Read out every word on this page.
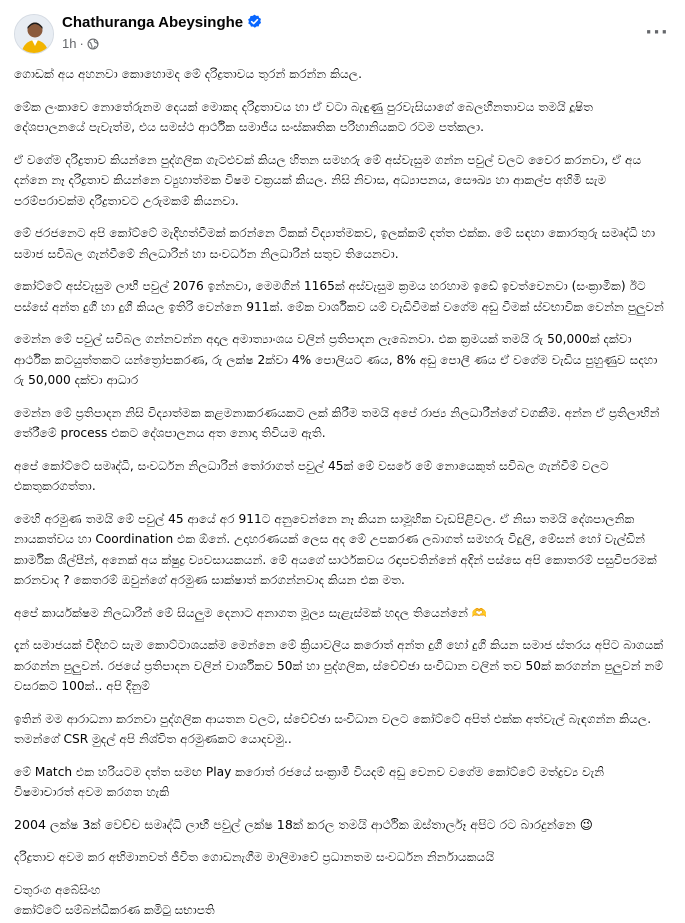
Chathuranga Abeysinghe
1h ·
···

ගොඩක් අය අහනවා කොහොමද මේ දරිද්‍රතාවය තුරන් කරන්න කියල.

මේක ලංකාවෙ නොතේරුනම දෙයක් මොකද දරිද්‍රතාවය හා ඒ වටා බැඳුණු පුරවැසියාගේ බෙලහීනතාවය තමයි දූෂිත දේශපාලනයේ පැවැත්ම, එය සමස්ථ ආර්ථික සමාජීය සංස්කෘතික පරිහානියකට රටම පත්කලා.

ඒ වගේම දරිද්‍රතාව කියන්නෙ පුද්ගලික ගැටළුවක් කියල හිතන සමහරු මේ අස්වැසුම ගන්න පවුල් වලට වෛර කරනවා, ඒ අය දන්නෙ නෑ දරිද්‍රතාව කියන්නෙ ව්‍යුහාත්මක විෂම චක්‍රයක් කියල. නිසි නිවාස, අධ්‍යාපනය, සෞඛ්‍ය හා ආකල්ප අහිමි සැම පරම්පරාවක්ම දරිද්‍රතාවට උරුමකම් කියනවා.

මේ ජරජනෙට අපි කෝට්ටේ මැදිහත්වීමක් කරන්නෙ ටිකක් විද්‍යාත්මකව, ඉලක්කම් දත්ත එක්ක. මේ සඳහා කොරතුරු සමෘද්ධි හා සමාජ සවිබල ගැන්වීමේ නිලධාරින් හා සංවර්ධන නිලධාරින් සතුව තියෙනවා.

කෝට්ටේ අස්වැසුම ලාභී පවුල් 2076 ඉන්නවා, මෙමගින් 1165ක් අස්වැසුම ක්‍රමය හරහාම ඉඩේ ඉවත්වෙනවා (සංක්‍රාමික) ඊට පස්සේ අන්ත දුගී හා දුගී කියල ඉතිරි වෙන්නෙ 911ක්. මේක වාර්ශිකව යම් වැඩිවීමක් වගේම අඩු වීමක් ස්වභාවික වෙන්න පුලුවන්

මෙන්න මේ පවුල් සවිබල ගන්නවන්න අදාල අමාත්‍යාංශය වලින් ප්‍රතිපාදන ලැබෙනවා. එක ක්‍රමයක් තමයි රු 50,000ක් දක්වා ආර්ථික කටයුත්තකට යන්ත්‍රෝපකරණ, රු ලක්ෂ 2ක්වා 4% පොලියට ණය, 8% අඩු පොලී ණය ඒ වගේම වැඩිය පුහුණුව සදහා රු 50,000 දක්වා ආධාර

මෙන්න මේ ප්‍රතිපාදන නිසි විද්‍යාත්මක කළමනාකරණයකට ලක් කිරීම තමයි අපේ රාජ්‍ය නිලධාරීන්ගේ වගකීම. අන්න ඒ ප්‍රතිලාභින් තේරීමේ process එකට දේශපාලනය අත නොදා තිවියම ඇති.

අපේ කෝට්ටේ සමෘද්ධි, සංවර්ධන නිලධාරින් තෝරාගත් පවුල් 45ක් මේ වසරේ මේ නොයෙකුත් සවිබල ගැන්වීම් වලට එකතුකරගත්තා.

මෙහි අරමුණ තමයි මේ පවුල් 45 ආයේ අර 911ට අනුවෙන්නෙ නෑ කියන සාමූහික වැඩපිළිවල. ඒ නිසා තමයි දේශපාලනික නායකත්වය හා Coordination එක ඕනේ. උදාහරණයක් ලෙස අද මේ උපකරණ ලබාගත් සමහරු විදුලි, මේසන් හෝ වැල්ඩින් කාර්මික ශිල්පීන්, අනෙක් අය ක්ෂුද්‍ර ව්‍යවසායකයන්. මේ අයගේ සාර්ථකවය රඳාපවතින්නේ අදින් පස්සෙ අපි කොතරම් පසුවිපරමක් කරනවාද ? කෙතරම් ඔවුන්ගේ අරමුණ සාක්ෂාත් කරගන්නවාද කියන එක මත.

අපේ කාර්යක්ෂම නිලධාරින් මේ සියලුම දෙනාට අනාගත මූල්‍ය සැළැස්මක් හදල තියෙන්නේ 🫶

දැන් සමාජයක් විදිහට සැම කොට්ටාශයක්ම මෙන්නෙ මේ ක්‍රියාවලිය කරොත් අන්ත දුගී හෝ දුගී කියන සමාජ ස්තරය අපිට බාගයක් කරගන්න පුලුවන්. රජයේ ප්‍රතිපාදන වලින් වාර්ශිකව 50ක් හා පුද්ගලික, ස්වේච්ඡා සංවිධාන වලින් තව 50ක් කරගන්න පුලුවන් නම් වසරකට 100ක්.. අපි දිනුම්

ඉතින් මම ආරාධනා කරනවා පුද්ගලික ආයතන වලට, ස්වේච්ඡා සංවිධාන වලට කෝට්ටේ අපිත් එක්ක අත්වැල් බැඳගන්න කියල. තමන්ගේ CSR මුදල් අපි නිශ්චිත අරමුණකට යොදවමු..

මේ Match එක හරියටම දත්ත සමඟ Play කරොත් රජයේ සංක්‍රාමී වියදම් අඩු වෙනව වගේම කෝට්ටේ මත්ද්‍රව්‍ය වැනි විෂමාචාරත් අවම කරගත හැකි

2004 ලක්ෂ 3ක් වෙච්ච සමෘද්ධි ලාභී පවුල් ලක්ෂ 18ක් කරල තමයි ආර්ථික ඔස්තාර්ලෑ අපිට රට බාරදුන්නෙ 😉

දරිද්‍රතාව අවම කර අභිමානවත් ජීවිත ගොඩනැගීම මාලිමාවේ ප්‍රධානතම සංවර්ධන නිර්නායකයයි

චතුරංග අබේසිංහ
කෝට්ටේ සම්බන්ධීකරණ කමිටු සභාපති
